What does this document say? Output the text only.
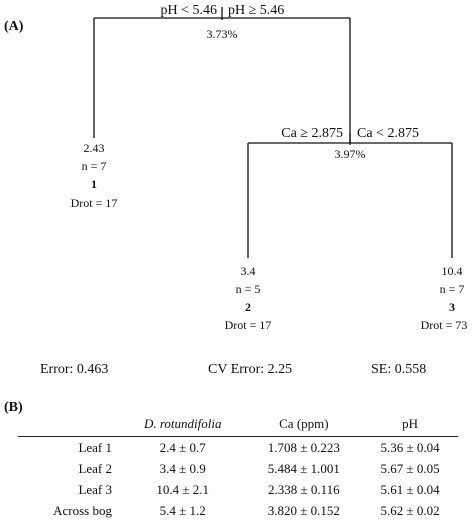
(A)
pH < 5.46 pH ≥ 5.46
3.73%
2.43
n = 7
1
Drot = 17
Ca ≥ 2.875 Ca < 2.875
3.97%
3.4
n = 5
2
Drot = 17
10.4
n = 7
3
Drot = 73
Error: 0.463	CV Error: 2.25	SE: 0.558
(B)
	D. rotundifolia	Ca (ppm)	pH
Leaf 1	2.4 ± 0.7	1.708 ± 0.223	5.36 ± 0.04
Leaf 2	3.4 ± 0.9	5.484 ± 1.001	5.67 ± 0.05
Leaf 3	10.4 ± 2.1	2.338 ± 0.116	5.61 ± 0.04
Across bog	5.4 ± 1.2	3.820 ± 0.152	5.62 ± 0.02
